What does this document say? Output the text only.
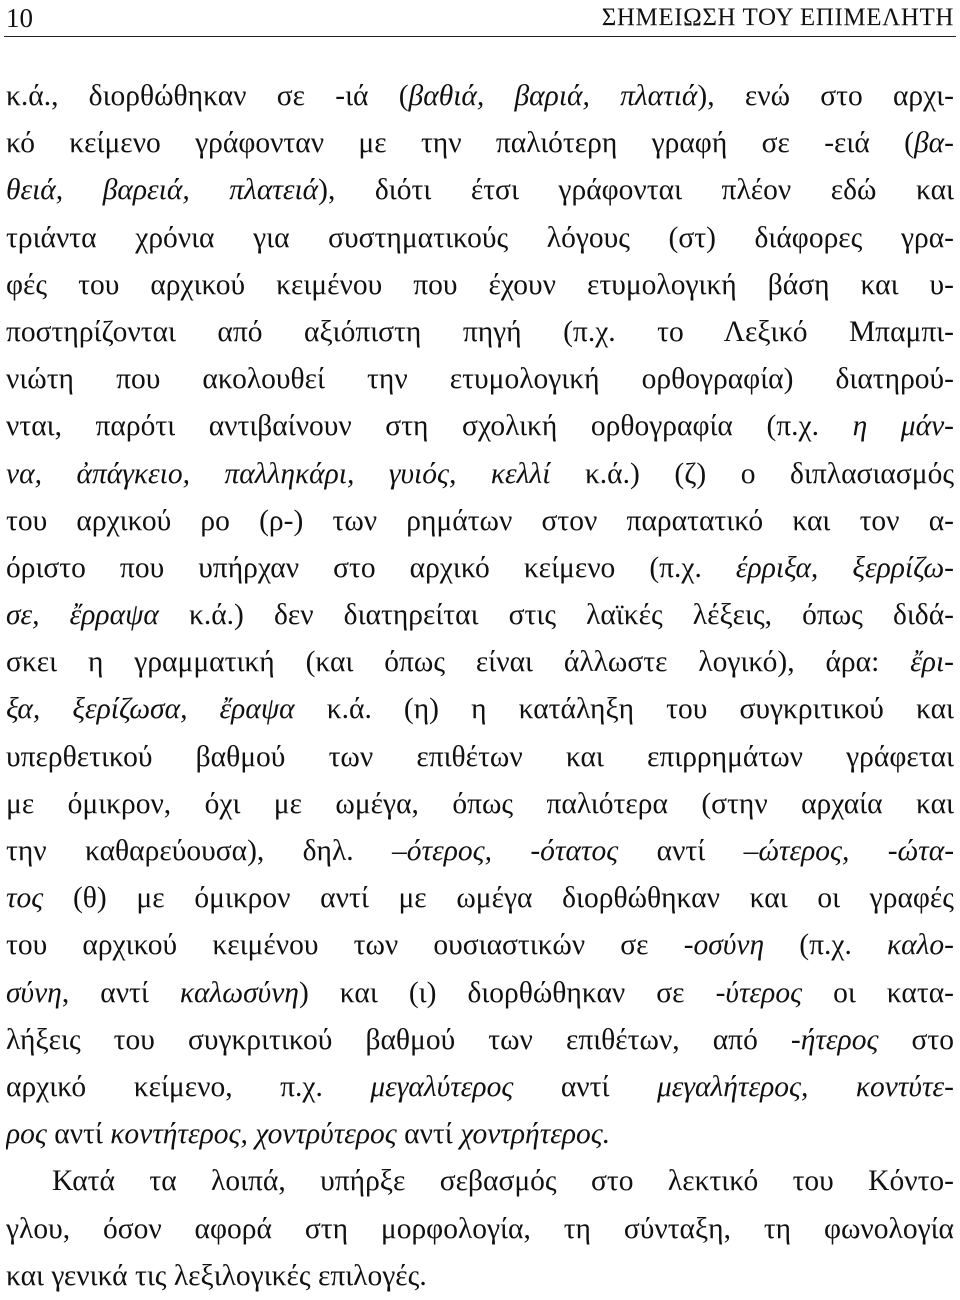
10	ΣΗΜΕΙΩΣΗ ΤΟΥ ΕΠΙΜΕΛΗΤΗ
κ.ά., διορθώθηκαν σε -ιά (βαθιά, βαριά, πλατιά), ενώ στο αρχι-
κό κείμενο γράφονταν με την παλιότερη γραφή σε -ειά (βα-
θειά, βαρειά, πλατειά), διότι έτσι γράφονται πλέον εδώ και
τριάντα χρόνια για συστηματικούς λόγους (στ) διάφορες γρα-
φές του αρχικού κειμένου που έχουν ετυμολογική βάση και υ-
ποστηρίζονται από αξιόπιστη πηγή (π.χ. το Λεξικό Μπαμπι-
νιώτη που ακολουθεί την ετυμολογική ορθογραφία) διατηρού-
νται, παρότι αντιβαίνουν στη σχολική ορθογραφία (π.χ. η μάν-
να, ἀπάγκειο, παλληκάρι, γυιός, κελλί κ.ά.) (ζ) ο διπλασιασμός
του αρχικού ρο (ρ-) των ρημάτων στον παρατατικό και τον α-
όριστο που υπήρχαν στο αρχικό κείμενο (π.χ. έρριξα, ξερρίζω-
σε, ἔρραψα κ.ά.) δεν διατηρείται στις λαϊκές λέξεις, όπως διδά-
σκει η γραμματική (και όπως είναι άλλωστε λογικό), άρα: ἔρι-
ξα, ξερίζωσα, ἔραψα κ.ά. (η) η κατάληξη του συγκριτικού και
υπερθετικού βαθμού των επιθέτων και επιρρημάτων γράφεται
με όμικρον, όχι με ωμέγα, όπως παλιότερα (στην αρχαία και
την καθαρεύουσα), δηλ. –ότερος, -ότατος αντί –ώτερος, -ώτα-
τος (θ) με όμικρον αντί με ωμέγα διορθώθηκαν και οι γραφές
του αρχικού κειμένου των ουσιαστικών σε -οσύνη (π.χ. καλο-
σύνη, αντί καλωσύνη) και (ι) διορθώθηκαν σε -ύτερος οι κατα-
λήξεις του συγκριτικού βαθμού των επιθέτων, από -ήτερος στο
αρχικό κείμενο, π.χ. μεγαλύτερος αντί μεγαλήτερος, κοντύτε-
ρος αντί κοντήτερος, χοντρύτερος αντί χοντρήτερος.
Κατά τα λοιπά, υπήρξε σεβασμός στο λεκτικό του Κόντο-
γλου, όσον αφορά στη μορφολογία, τη σύνταξη, τη φωνολογία
και γενικά τις λεξιλογικές επιλογές.
